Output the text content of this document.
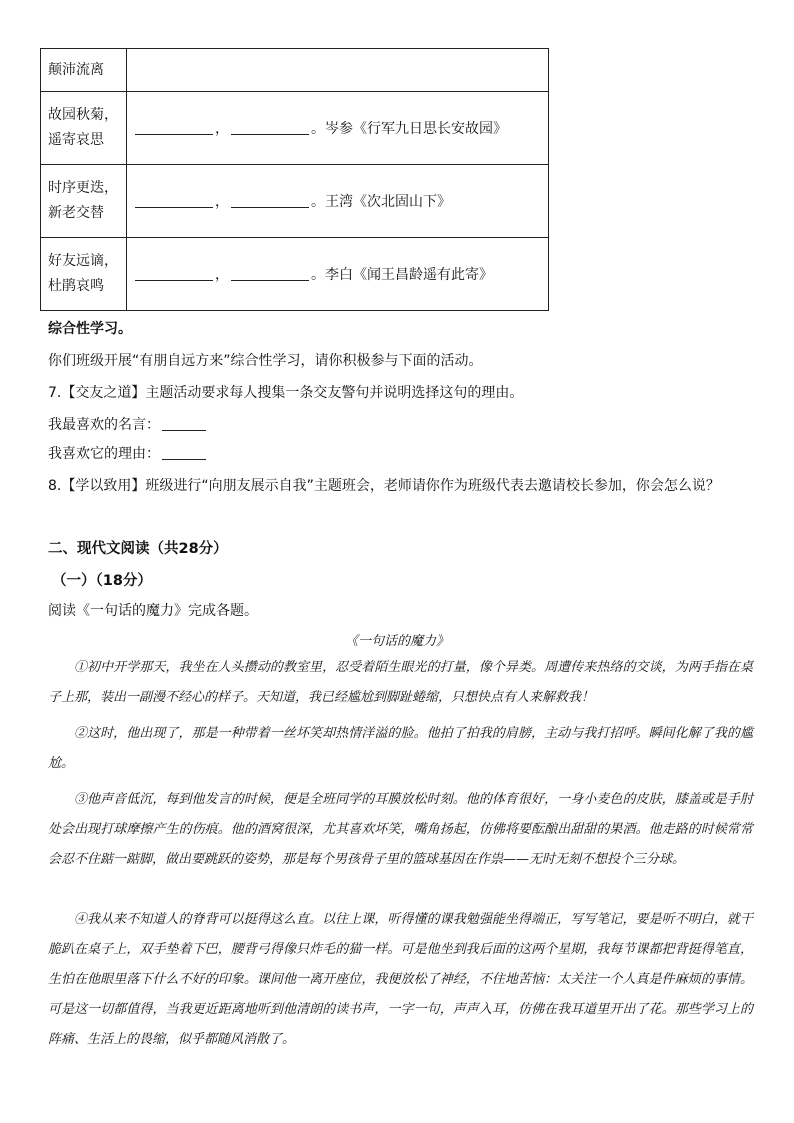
颠沛流离	
故园秋菊，
遥寄哀思	， 。岑参《行军九日思长安故园》
时序更迭，
新老交替	， 。王湾《次北固山下》
好友远谪，
杜鹃哀鸣	， 。李白《闻王昌龄遥有此寄》
综合性学习。
你们班级开展“有朋自远方来”综合性学习，请你积极参与下面的活动。
7.【交友之道】主题活动要求每人搜集一条交友警句并说明选择这句的理由。
我最喜欢的名言：
我喜欢它的理由：
8.【学以致用】班级进行“向朋友展示自我”主题班会，老师请你作为班级代表去邀请校长参加，你会怎么说？
二、现代文阅读（共28分）
（一）（18分）
阅读《一句话的魔力》完成各题。
《一句话的魔力》
①初中开学那天，我坐在人头攒动的教室里，忍受着陌生眼光的打量，像个异类。周遭传来热络的交谈，为两手指在桌子上那，装出一副漫不经心的样子。天知道，我已经尴尬到脚趾蜷缩，只想快点有人来解救我！
②这时，他出现了，那是一种带着一丝坏笑却热情洋溢的脸。他拍了拍我的肩膀，主动与我打招呼。瞬间化解了我的尴尬。
③他声音低沉，每到他发言的时候，便是全班同学的耳膜放松时刻。他的体育很好，一身小麦色的皮肤，膝盖或是手肘处会出现打球摩擦产生的伤痕。他的酒窝很深，尤其喜欢坏笑，嘴角扬起，仿佛将要酝酿出甜甜的果酒。他走路的时候常常会忍不住踮一踮脚，做出要跳跃的姿势，那是每个男孩骨子里的篮球基因在作祟——无时无刻不想投个三分球。
④我从来不知道人的脊背可以挺得这么直。以往上课，听得懂的课我勉强能坐得端正，写写笔记，要是听不明白，就干脆趴在桌子上，双手垫着下巴，腰背弓得像只炸毛的猫一样。可是他坐到我后面的这两个星期，我每节课都把背挺得笔直，生怕在他眼里落下什么不好的印象。课间他一离开座位，我便放松了神经，不住地苦恼：太关注一个人真是件麻烦的事情。可是这一切都值得，当我更近距离地听到他清朗的读书声，一字一句，声声入耳，仿佛在我耳道里开出了花。那些学习上的阵痛、生活上的畏缩，似乎都随风消散了。
